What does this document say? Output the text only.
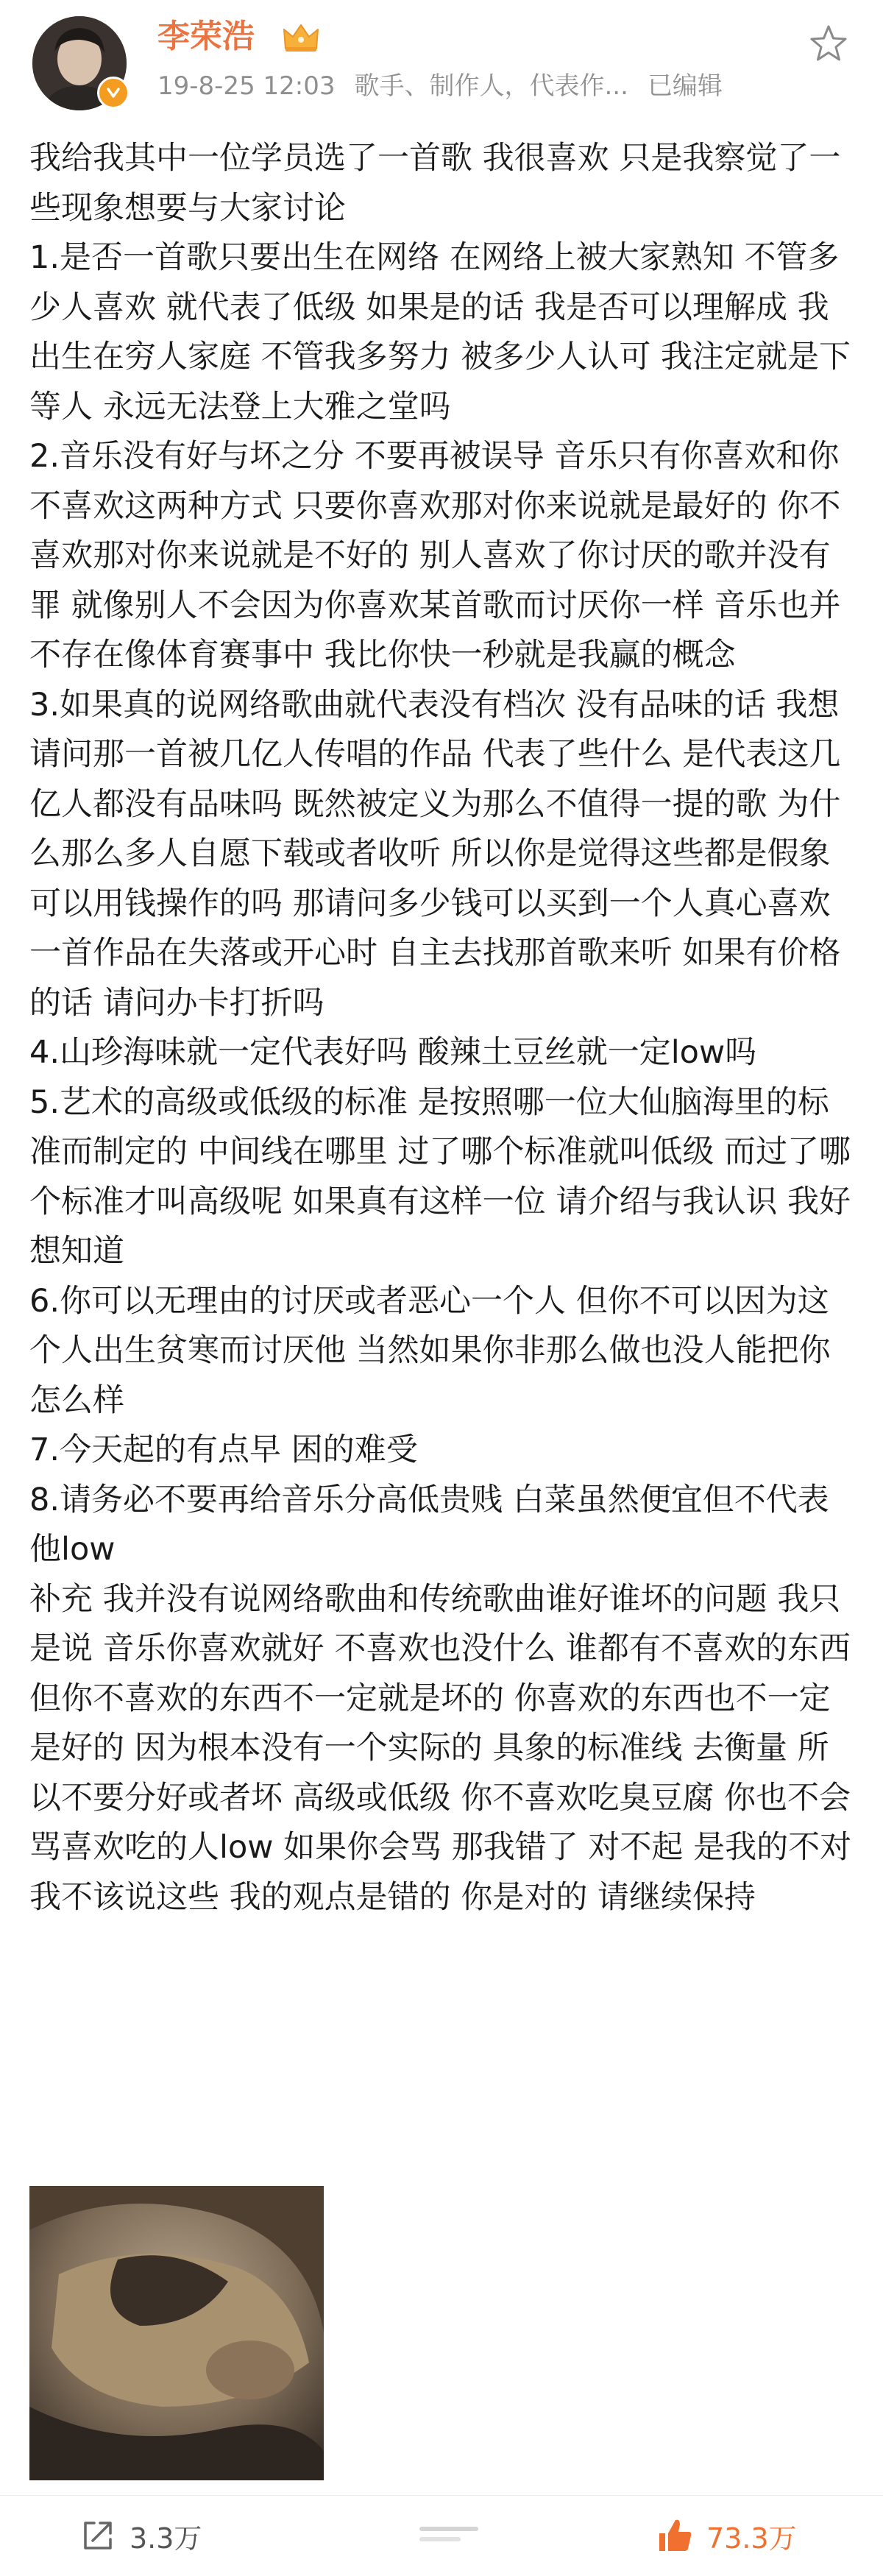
李荣浩
19-8-25 12:03 歌手、制作人，代表作... 已编辑

我给我其中一位学员选了一首歌 我很喜欢 只是我察觉了一些现象想要与大家讨论

1.是否一首歌只要出生在网络 在网络上被大家熟知 不管多少人喜欢 就代表了低级 如果是的话 我是否可以理解成 我出生在穷人家庭 不管我多努力 被多少人认可 我注定就是下等人 永远无法登上大雅之堂吗

2.音乐没有好与坏之分 不要再被误导 音乐只有你喜欢和你不喜欢这两种方式 只要你喜欢那对你来说就是最好的 你不喜欢那对你来说就是不好的 别人喜欢了你讨厌的歌并没有罪 就像别人不会因为你喜欢某首歌而讨厌你一样 音乐也并不存在像体育赛事中 我比你快一秒就是我赢的概念

3.如果真的说网络歌曲就代表没有档次 没有品味的话 我想请问那一首被几亿人传唱的作品 代表了些什么 是代表这几亿人都没有品味吗 既然被定义为那么不值得一提的歌 为什么那么多人自愿下载或者收听 所以你是觉得这些都是假象可以用钱操作的吗 那请问多少钱可以买到一个人真心喜欢一首作品在失落或开心时 自主去找那首歌来听 如果有价格的话 请问办卡打折吗

4.山珍海味就一定代表好吗 酸辣土豆丝就一定low吗

5.艺术的高级或低级的标准 是按照哪一位大仙脑海里的标准而制定的 中间线在哪里 过了哪个标准就叫低级 而过了哪个标准才叫高级呢 如果真有这样一位 请介绍与我认识 我好想知道

6.你可以无理由的讨厌或者恶心一个人 但你不可以因为这个人出生贫寒而讨厌他 当然如果你非那么做也没人能把你怎么样

7.今天起的有点早 困的难受

8.请务必不要再给音乐分高低贵贱 白菜虽然便宜但不代表他low

补充 我并没有说网络歌曲和传统歌曲谁好谁坏的问题 我只是说 音乐你喜欢就好 不喜欢也没什么 谁都有不喜欢的东西 但你不喜欢的东西不一定就是坏的 你喜欢的东西也不一定是好的 因为根本没有一个实际的 具象的标准线 去衡量 所以不要分好或者坏 高级或低级 你不喜欢吃臭豆腐 你也不会骂喜欢吃的人low 如果你会骂 那我错了 对不起 是我的不对 我不该说这些 我的观点是错的 你是对的 请继续保持

3.3万	73.3万
